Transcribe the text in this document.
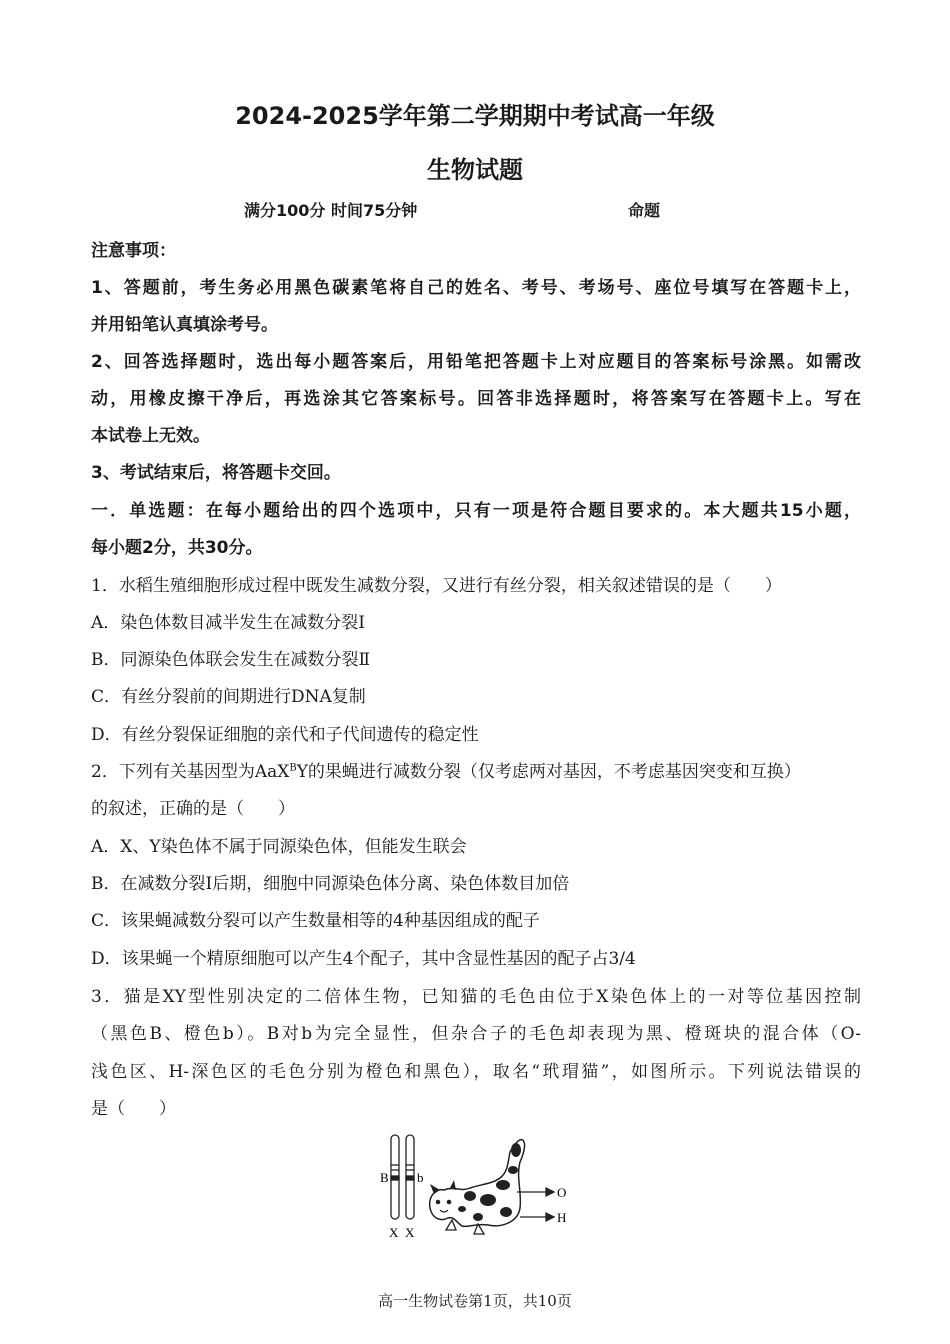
2024-2025学年第二学期期中考试高一年级
生物试题
满分100分 时间75分钟	命题
注意事项：
1、答题前，考生务必用黑色碳素笔将自己的姓名、考号、考场号、座位号填写在答题卡上，
并用铅笔认真填涂考号。
2、回答选择题时，选出每小题答案后，用铅笔把答题卡上对应题目的答案标号涂黑。如需改
动，用橡皮擦干净后，再选涂其它答案标号。回答非选择题时，将答案写在答题卡上。写在
本试卷上无效。
3、考试结束后，将答题卡交回。
一．单选题：在每小题给出的四个选项中，只有一项是符合题目要求的。本大题共15小题，
每小题2分，共30分。
1．水稻生殖细胞形成过程中既发生减数分裂，又进行有丝分裂，相关叙述错误的是（　　）
A．染色体数目减半发生在减数分裂Ⅰ
B．同源染色体联会发生在减数分裂Ⅱ
C．有丝分裂前的间期进行DNA复制
D．有丝分裂保证细胞的亲代和子代间遗传的稳定性
2．下列有关基因型为AaX$^B$Y的果蝇进行减数分裂（仅考虑两对基因，不考虑基因突变和互换）
的叙述，正确的是（　　）
A．X、Y染色体不属于同源染色体，但能发生联会
B．在减数分裂Ⅰ后期，细胞中同源染色体分离、染色体数目加倍
C．该果蝇减数分裂可以产生数量相等的4种基因组成的配子
D．该果蝇一个精原细胞可以产生4个配子，其中含显性基因的配子占3/4
3．猫是XY型性别决定的二倍体生物，已知猫的毛色由位于X染色体上的一对等位基因控制
（黑色B、橙色b）。B对b为完全显性，但杂合子的毛色却表现为黑、橙斑块的混合体（O-
浅色区、H-深色区的毛色分别为橙色和黑色），取名“玳瑁猫”，如图所示。下列说法错误的
是（　　）
B b
X X
O
H
高一生物试卷第1页，共10页
